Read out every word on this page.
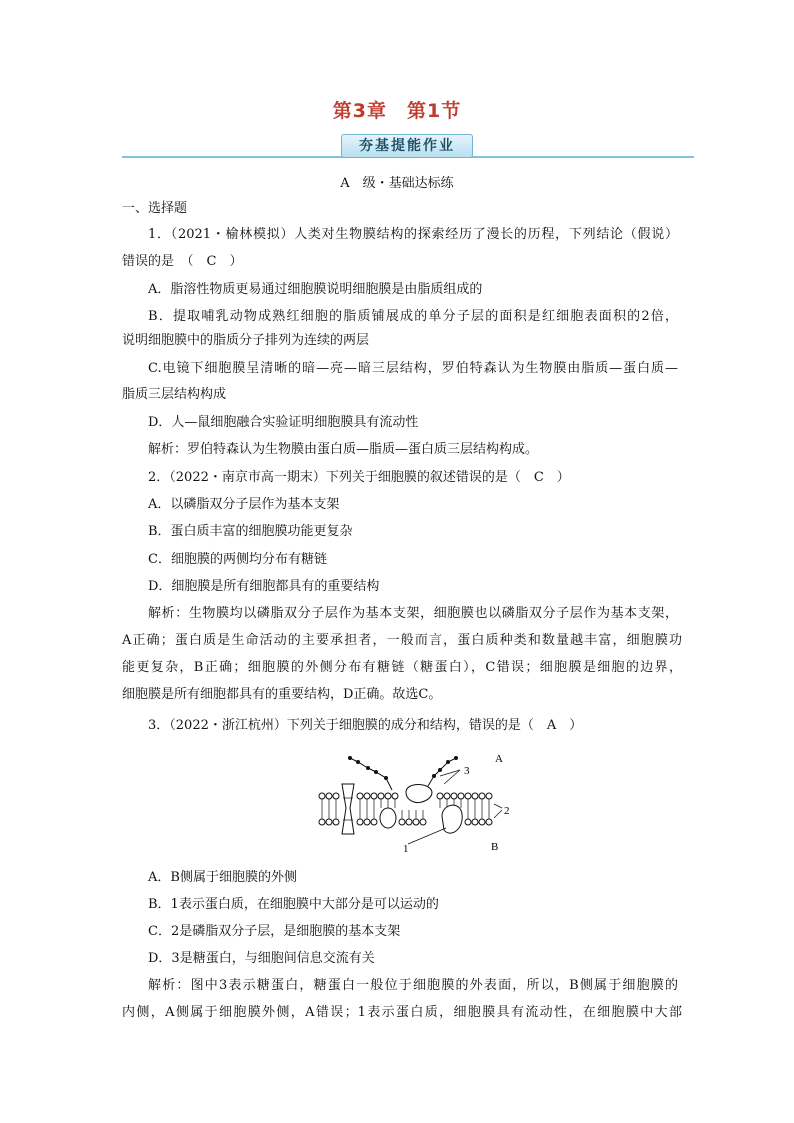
第3章　第1节
夯基提能作业
A　级・基础达标练
一、选择题
1．（2021・榆林模拟）人类对生物膜结构的探索经历了漫长的历程，下列结论（假说）
错误的是　（　C　）
A．脂溶性物质更易通过细胞膜说明细胞膜是由脂质组成的
B．提取哺乳动物成熟红细胞的脂质铺展成的单分子层的面积是红细胞表面积的2倍，
说明细胞膜中的脂质分子排列为连续的两层
C.电镜下细胞膜呈清晰的暗—亮—暗三层结构，罗伯特森认为生物膜由脂质—蛋白质—
脂质三层结构构成
D．人—鼠细胞融合实验证明细胞膜具有流动性
解析：罗伯特森认为生物膜由蛋白质—脂质—蛋白质三层结构构成。
2．（2022・南京市高一期末）下列关于细胞膜的叙述错误的是（　C　）
A．以磷脂双分子层作为基本支架
B．蛋白质丰富的细胞膜功能更复杂
C．细胞膜的两侧均分布有糖链
D．细胞膜是所有细胞都具有的重要结构
解析：生物膜均以磷脂双分子层作为基本支架，细胞膜也以磷脂双分子层作为基本支架，
A正确；蛋白质是生命活动的主要承担者，一般而言，蛋白质种类和数量越丰富，细胞膜功
能更复杂，B正确；细胞膜的外侧分布有糖链（糖蛋白），C错误；细胞膜是细胞的边界，
细胞膜是所有细胞都具有的重要结构，D正确。故选C。
3．（2022・浙江杭州）下列关于细胞膜的成分和结构，错误的是（　A　）
A
3
2
1	B
A．B侧属于细胞膜的外侧
B．1表示蛋白质，在细胞膜中大部分是可以运动的
C．2是磷脂双分子层，是细胞膜的基本支架
D．3是糖蛋白，与细胞间信息交流有关
解析：图中3表示糖蛋白，糖蛋白一般位于细胞膜的外表面，所以，B侧属于细胞膜的
内侧，A侧属于细胞膜外侧，A错误；1表示蛋白质，细胞膜具有流动性，在细胞膜中大部
